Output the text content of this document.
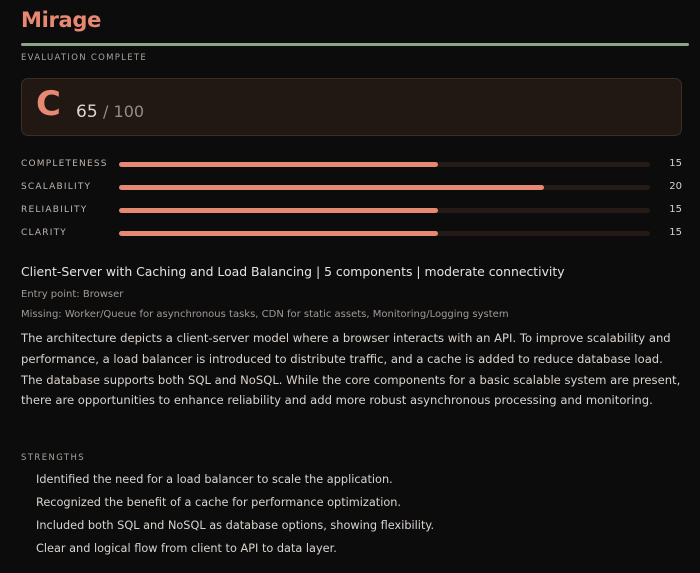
Mirage
EVALUATION COMPLETE
C 65 / 100
COMPLETENESS	15
SCALABILITY	20
RELIABILITY	15
CLARITY	15
Client-Server with Caching and Load Balancing | 5 components | moderate connectivity
Entry point: Browser
Missing: Worker/Queue for asynchronous tasks, CDN for static assets, Monitoring/Logging system

The architecture depicts a client-server model where a browser interacts with an API. To improve scalability and performance, a load balancer is introduced to distribute traffic, and a cache is added to reduce database load. The database supports both SQL and NoSQL. While the core components for a basic scalable system are present, there are opportunities to enhance reliability and add more robust asynchronous processing and monitoring.

STRENGTHS
Identified the need for a load balancer to scale the application.
Recognized the benefit of a cache for performance optimization.
Included both SQL and NoSQL as database options, showing flexibility.
Clear and logical flow from client to API to data layer.
